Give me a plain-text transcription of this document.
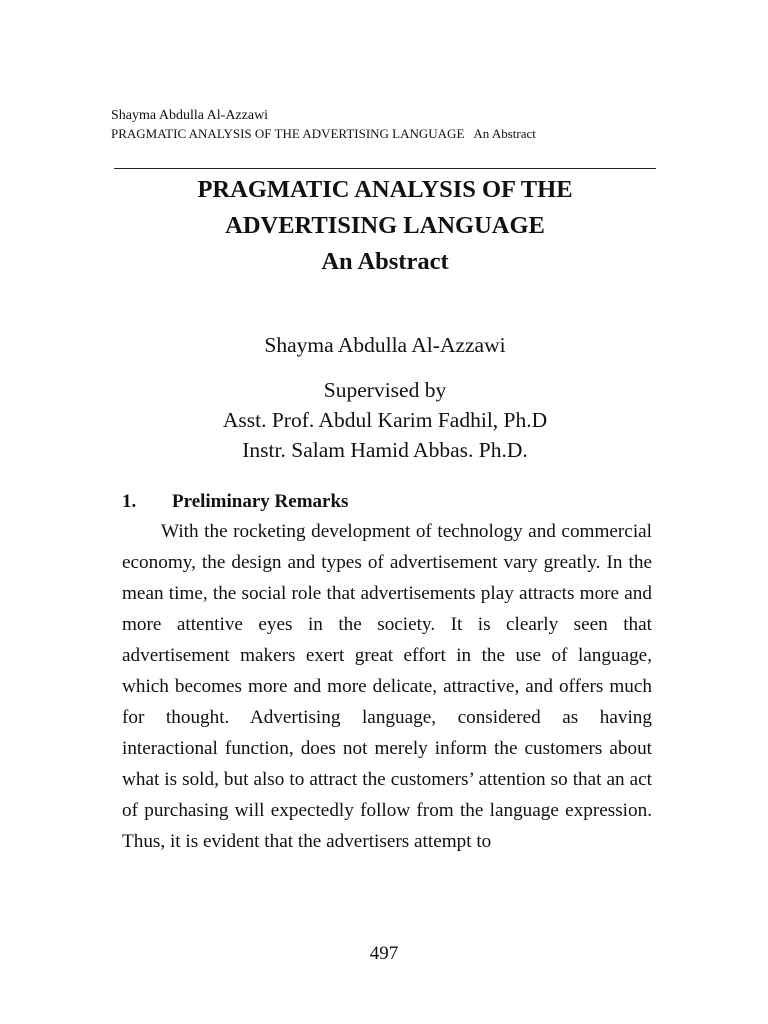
Shayma Abdulla Al-Azzawi
PRAGMATIC ANALYSIS OF THE ADVERTISING LANGUAGE   An Abstract
PRAGMATIC ANALYSIS OF THE
ADVERTISING LANGUAGE
An Abstract
Shayma Abdulla Al-Azzawi
Supervised by
Asst. Prof. Abdul Karim Fadhil, Ph.D
Instr. Salam Hamid Abbas. Ph.D.
1. Preliminary Remarks

With the rocketing development of technology and commercial economy, the design and types of advertisement vary greatly. In the mean time, the social role that advertisements play attracts more and more attentive eyes in the society. It is clearly seen that advertisement makers exert great effort in the use of language, which becomes more and more delicate, attractive, and offers much for thought. Advertising language, considered as having interactional function, does not merely inform the customers about what is sold, but also to attract the customers’ attention so that an act of purchasing will expectedly follow from the language expression. Thus, it is evident that the advertisers attempt to

497
